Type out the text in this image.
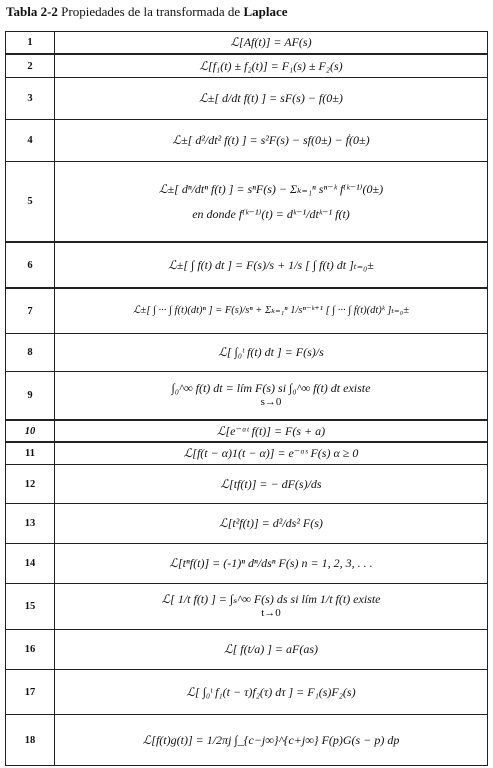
Tabla 2-2 Propiedades de la transformada de Laplace
1	ℒ[Af(t)] = AF(s)
2	ℒ[f₁(t) ± f₂(t)] = F₁(s) ± F₂(s)
3	ℒ±[ d/dt f(t) ] = sF(s) − f(0±)
4	ℒ±[ d²/dt² f(t) ] = s²F(s) − sf(0±) − ḟ(0±)
5
ℒ±[ dⁿ/dtⁿ f(t) ] = sⁿF(s) − Σₖ₌₁ⁿ sⁿ⁻ᵏ f⁽ᵏ⁻¹⁾(0±)
en donde f⁽ᵏ⁻¹⁾(t) = dᵏ⁻¹/dtᵏ⁻¹ f(t)
6	ℒ±[ ∫ f(t) dt ] = F(s)/s + 1/s [ ∫ f(t) dt ]ₜ₌₀±
7	ℒ±[ ∫ ··· ∫ f(t)(dt)ⁿ ] = F(s)/sⁿ + Σₖ₌₁ⁿ 1/sⁿ⁻ᵏ⁺¹ [ ∫ ··· ∫ f(t)(dt)ᵏ ]ₜ₌₀±
8	ℒ[ ∫₀ᵗ f(t) dt ] = F(s)/s
9
∫₀^∞ f(t) dt = lím F(s) si ∫₀^∞ f(t) dt existe
s→0
10	ℒ[e⁻ᵅᵗ f(t)] = F(s + a)
11	ℒ[f(t − α)1(t − α)] = e⁻ᵅˢ F(s) α ≥ 0
12	ℒ[tf(t)] = − dF(s)/ds
13	ℒ[t²f(t)] = d²/ds² F(s)
14	ℒ[tⁿf(t)] = (-1)ⁿ dⁿ/dsⁿ F(s) n = 1, 2, 3, . . .
15
ℒ[ 1/t f(t) ] = ∫ₛ^∞ F(s) ds si lím 1/t f(t) existe
t→0
16	ℒ[ f(t/a) ] = aF(as)
17	ℒ[ ∫₀ᵗ f₁(t − τ)f₂(τ) dτ ] = F₁(s)F₂(s)
18	ℒ[f(t)g(t)] = 1/2πj ∫_{c−j∞}^{c+j∞} F(p)G(s − p) dp
